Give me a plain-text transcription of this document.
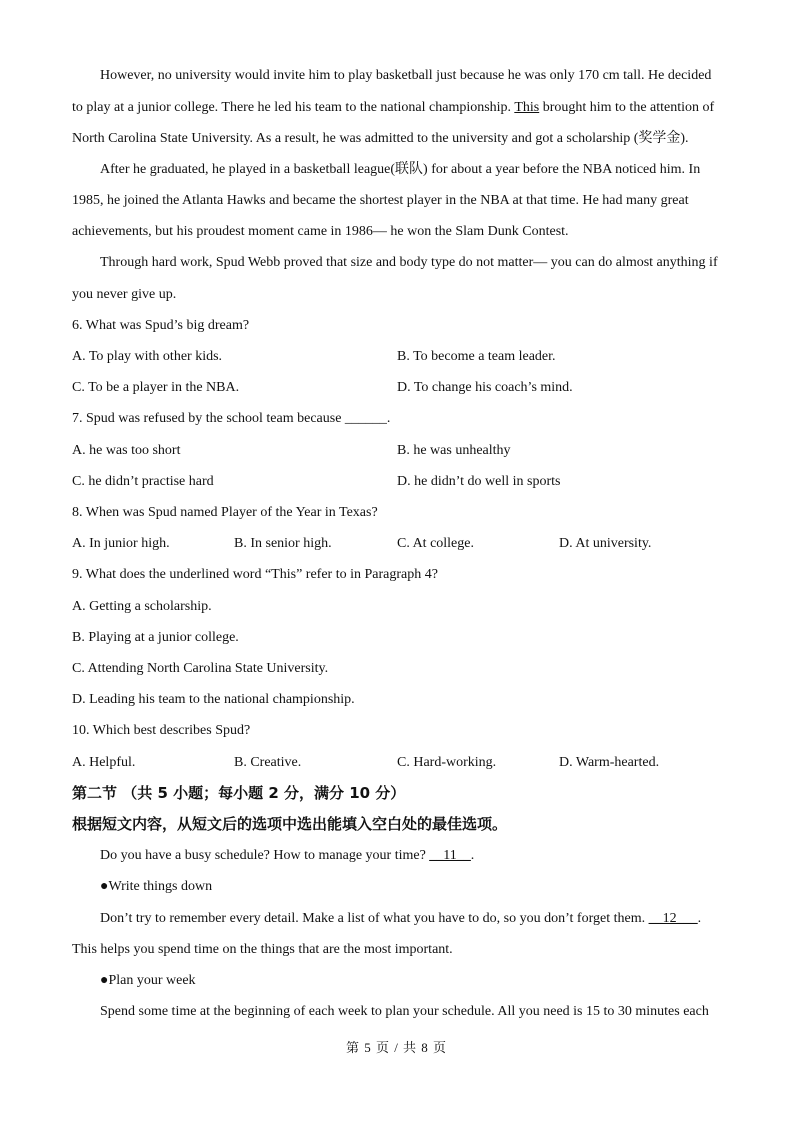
However, no university would invite him to play basketball just because he was only 170 cm tall. He decided
to play at a junior college. There he led his team to the national championship. This brought him to the attention of
North Carolina State University. As a result, he was admitted to the university and got a scholarship (奖学金).
After he graduated, he played in a basketball league(联队) for about a year before the NBA noticed him. In
1985, he joined the Atlanta Hawks and became the shortest player in the NBA at that time. He had many great
achievements, but his proudest moment came in 1986— he won the Slam Dunk Contest.
Through hard work, Spud Webb proved that size and body type do not matter— you can do almost anything if
you never give up.
6. What was Spud’s big dream?
A. To play with other kids.	B. To become a team leader.
C. To be a player in the NBA.	D. To change his coach’s mind.
7. Spud was refused by the school team because ______.
A. he was too short	B. he was unhealthy
C. he didn’t practise hard	D. he didn’t do well in sports
8. When was Spud named Player of the Year in Texas?
A. In junior high.	B. In senior high.	C. At college.	D. At university.
9. What does the underlined word “This” refer to in Paragraph 4?
A. Getting a scholarship.
B. Playing at a junior college.
C. Attending North Carolina State University.
D. Leading his team to the national championship.
10. Which best describes Spud?
A. Helpful.	B. Creative.	C. Hard-working.	D. Warm-hearted.
第二节 （共 5 小题；每小题 2 分，满分 10 分）
根据短文内容，从短文后的选项中选出能填入空白处的最佳选项。
Do you have a busy schedule? How to manage your time? __11__.
●Write things down
Don’t try to remember every detail. Make a list of what you have to do, so you don’t forget them. __12___.
This helps you spend time on the things that are the most important.
●Plan your week
Spend some time at the beginning of each week to plan your schedule. All you need is 15 to 30 minutes each
第 5 页 / 共 8 页
